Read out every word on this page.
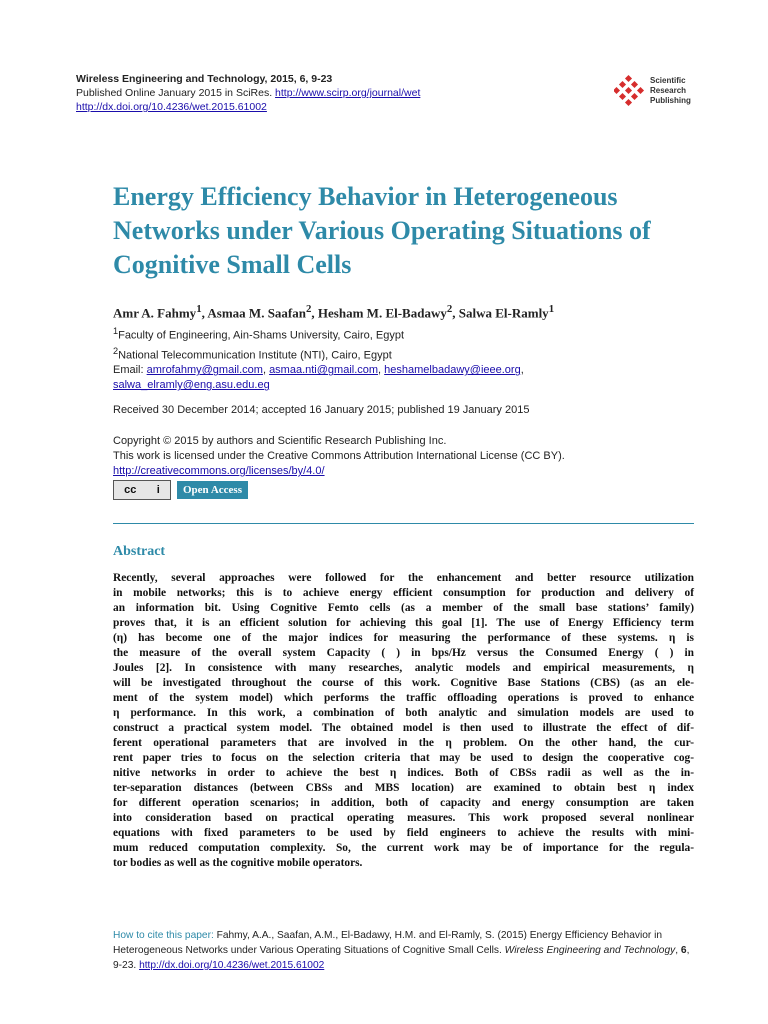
Wireless Engineering and Technology, 2015, 6, 9-23
Published Online January 2015 in SciRes. http://www.scirp.org/journal/wet
http://dx.doi.org/10.4236/wet.2015.61002
Scientific
Research
Publishing
Energy Efficiency Behavior in Heterogeneous Networks under Various Operating Situations of Cognitive Small Cells
Amr A. Fahmy$^1$, Asmaa M. Saafan$^2$, Hesham M. El-Badawy$^2$, Salwa El-Ramly$^1$
$^1$Faculty of Engineering, Ain-Shams University, Cairo, Egypt
$^2$National Telecommunication Institute (NTI), Cairo, Egypt
Email: amrofahmy@gmail.com, asmaa.nti@gmail.com, heshamelbadawy@ieee.org,
salwa_elramly@eng.asu.edu.eg
Received 30 December 2014; accepted 16 January 2015; published 19 January 2015
Copyright © 2015 by authors and Scientific Research Publishing Inc.
This work is licensed under the Creative Commons Attribution International License (CC BY).
http://creativecommons.org/licenses/by/4.0/
cc i	Open Access
Abstract

Recently, several approaches were followed for the enhancement and better resource utilization

in mobile networks; this is to achieve energy efficient consumption for production and delivery of

an information bit. Using Cognitive Femto cells (as a member of the small base stations’ family)

proves that, it is an efficient solution for achieving this goal [1]. The use of Energy Efficiency term

(η) has become one of the major indices for measuring the performance of these systems. η is

the measure of the overall system Capacity ( ) in bps/Hz versus the Consumed Energy ( ) in

Joules [2]. In consistence with many researches, analytic models and empirical measurements, η

will be investigated throughout the course of this work. Cognitive Base Stations (CBS) (as an ele-

ment of the system model) which performs the traffic offloading operations is proved to enhance

η performance. In this work, a combination of both analytic and simulation models are used to

construct a practical system model. The obtained model is then used to illustrate the effect of dif-

ferent operational parameters that are involved in the η problem. On the other hand, the cur-

rent paper tries to focus on the selection criteria that may be used to design the cooperative cog-

nitive networks in order to achieve the best η indices. Both of CBSs radii as well as the in-

ter-separation distances (between CBSs and MBS location) are examined to obtain best η index

for different operation scenarios; in addition, both of capacity and energy consumption are taken

into consideration based on practical operating measures. This work proposed several nonlinear

equations with fixed parameters to be used by field engineers to achieve the results with mini-

mum reduced computation complexity. So, the current work may be of importance for the regula-

tor bodies as well as the cognitive mobile operators.

How to cite this paper: Fahmy, A.A., Saafan, A.M., El-Badawy, H.M. and El-Ramly, S. (2015) Energy Efficiency Behavior in Heterogeneous Networks under Various Operating Situations of Cognitive Small Cells. Wireless Engineering and Technology, 6, 9-23. http://dx.doi.org/10.4236/wet.2015.61002
